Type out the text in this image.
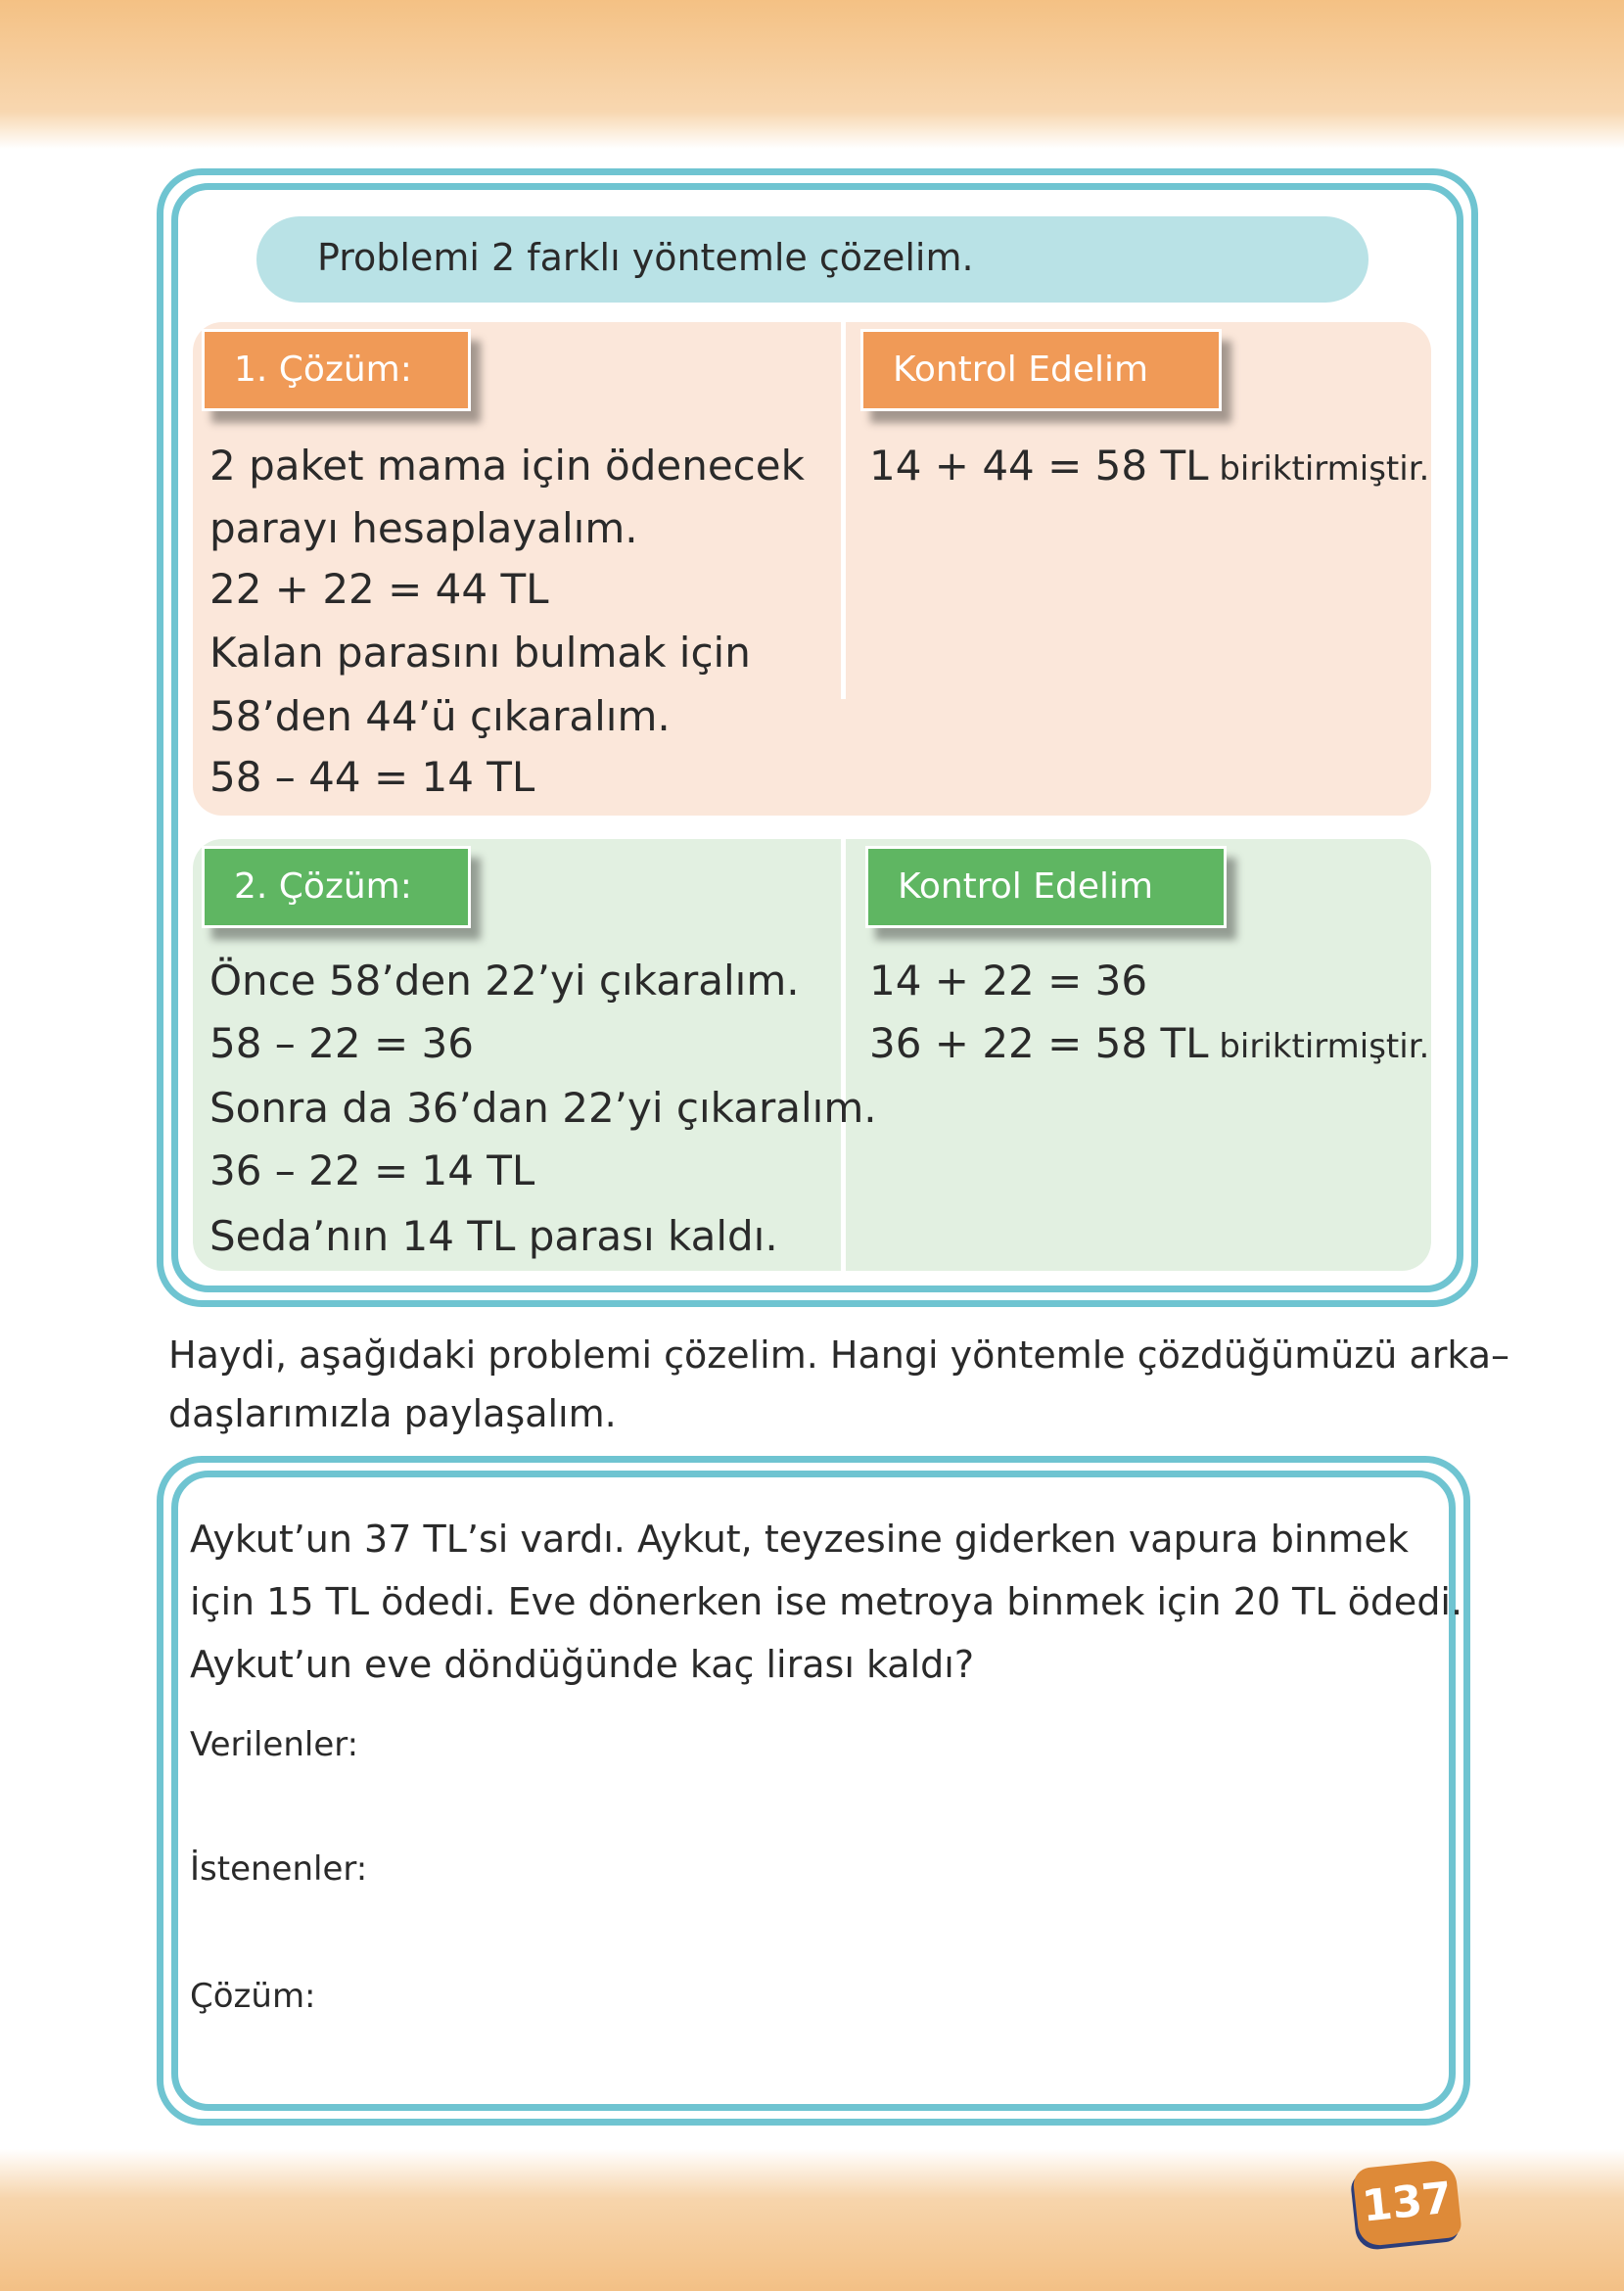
Problemi 2 farklı yöntemle çözelim.
1. Çözüm:	Kontrol Edelim
2 paket mama için ödenecek
parayı hesaplayalım.
22 + 22 = 44 TL
Kalan parasını bulmak için
58’den 44’ü çıkaralım.
58 – 44 = 14 TL
14 + 44 = 58 TL biriktirmiştir.
2. Çözüm:	Kontrol Edelim
Önce 58’den 22’yi çıkaralım.
58 – 22 = 36
Sonra da 36’dan 22’yi çıkaralım.
36 – 22 = 14 TL
Seda’nın 14 TL parası kaldı.
14 + 22 = 36
36 + 22 = 58 TL biriktirmiştir.
Haydi, aşağıdaki problemi çözelim. Hangi yöntemle çözdüğümüzü arka–
daşlarımızla paylaşalım.
Aykut’un 37 TL’si vardı. Aykut, teyzesine giderken vapura binmek
için 15 TL ödedi. Eve dönerken ise metroya binmek için 20 TL ödedi.
Aykut’un eve döndüğünde kaç lirası kaldı?
Verilenler:
İstenenler:
Çözüm:
137
